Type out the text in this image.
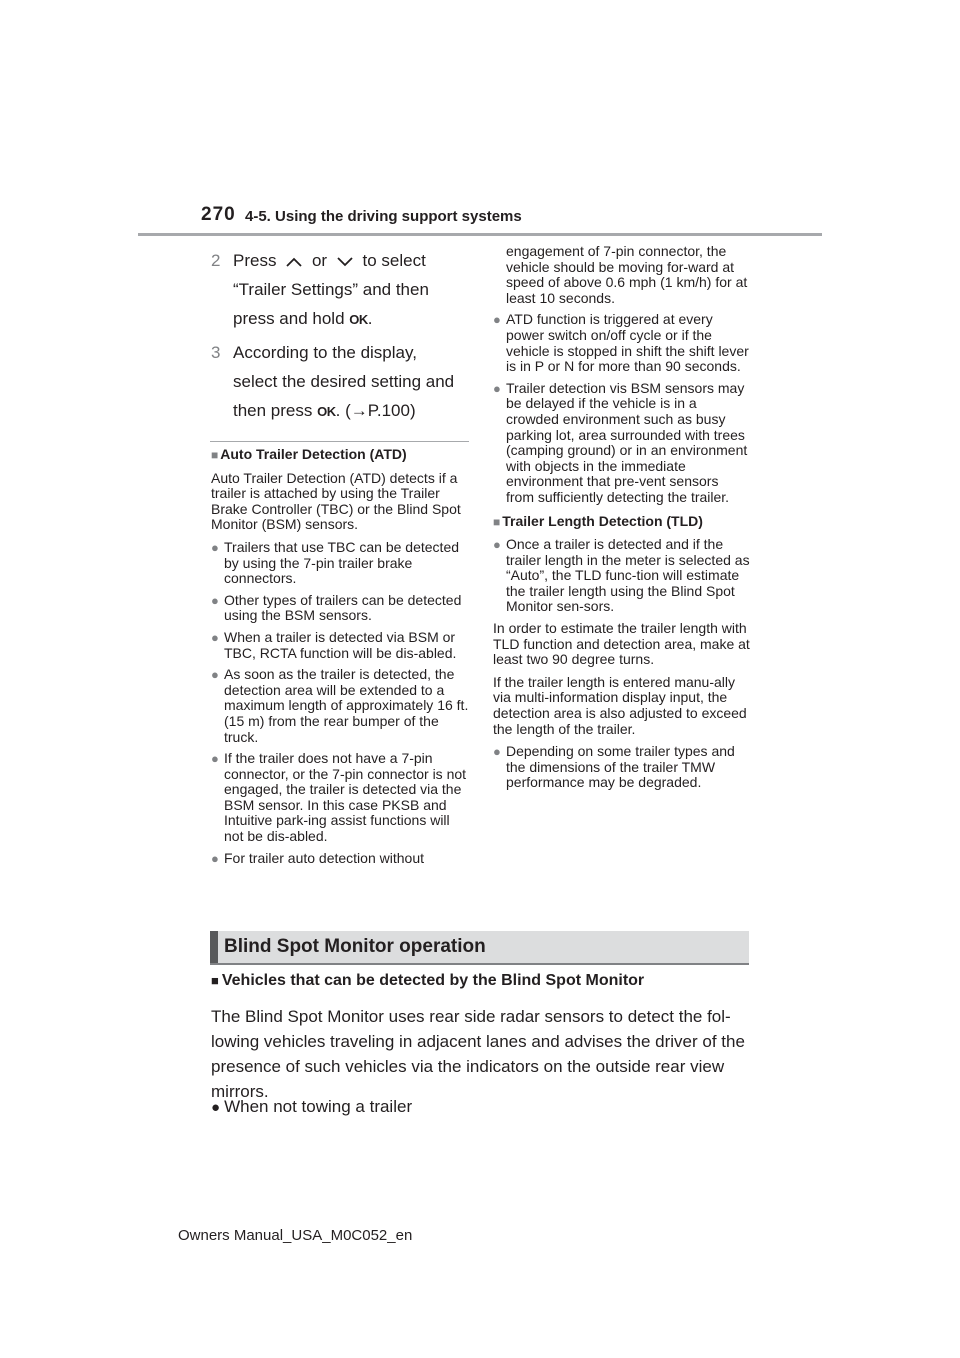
270 4-5. Using the driving support systems
2 Press or to select
“Trailer Settings” and then
press and hold OK.
3 According to the display,
select the desired setting and
then press OK. (→P.100)
■ Auto Trailer Detection (ATD)

Auto Trailer Detection (ATD) detects if a trailer is attached by using the Trailer Brake Controller (TBC) or the Blind Spot Monitor (BSM) sensors.

● Trailers that use TBC can be detected by using the 7-pin trailer brake connectors.
● Other types of trailers can be detected using the BSM sensors.
● When a trailer is detected via BSM or TBC, RCTA function will be dis-abled.
● As soon as the trailer is detected, the detection area will be extended to a maximum length of approximately 16 ft. (15 m) from the rear bumper of the truck.
● If the trailer does not have a 7-pin connector, or the 7-pin connector is not engaged, the trailer is detected via the BSM sensor. In this case PKSB and Intuitive park-ing assist functions will not be dis-abled.
● For trailer auto detection without
engagement of 7-pin connector, the vehicle should be moving for-ward at speed of above 0.6 mph (1 km/h) for at least 10 seconds.
● ATD function is triggered at every power switch on/off cycle or if the vehicle is stopped in shift the shift lever is in P or N for more than 90 seconds.
● Trailer detection vis BSM sensors may be delayed if the vehicle is in a crowded environment such as busy parking lot, area surrounded with trees (camping ground) or in an environment with objects in the immediate environment that pre-vent sensors from sufficiently detecting the trailer.
■ Trailer Length Detection (TLD)
● Once a trailer is detected and if the trailer length in the meter is selected as “Auto”, the TLD func-tion will estimate the trailer length using the Blind Spot Monitor sen-sors.

In order to estimate the trailer length with TLD function and detection area, make at least two 90 degree turns.

If the trailer length is entered manu-ally via multi-information display input, the detection area is also adjusted to exceed the length of the trailer.

● Depending on some trailer types and the dimensions of the trailer TMW performance may be degraded.
Blind Spot Monitor operation
■ Vehicles that can be detected by the Blind Spot Monitor
The Blind Spot Monitor uses rear side radar sensors to detect the fol-lowing vehicles traveling in adjacent lanes and advises the driver of the presence of such vehicles via the indicators on the outside rear view mirrors.
● When not towing a trailer
Owners Manual_USA_M0C052_en
